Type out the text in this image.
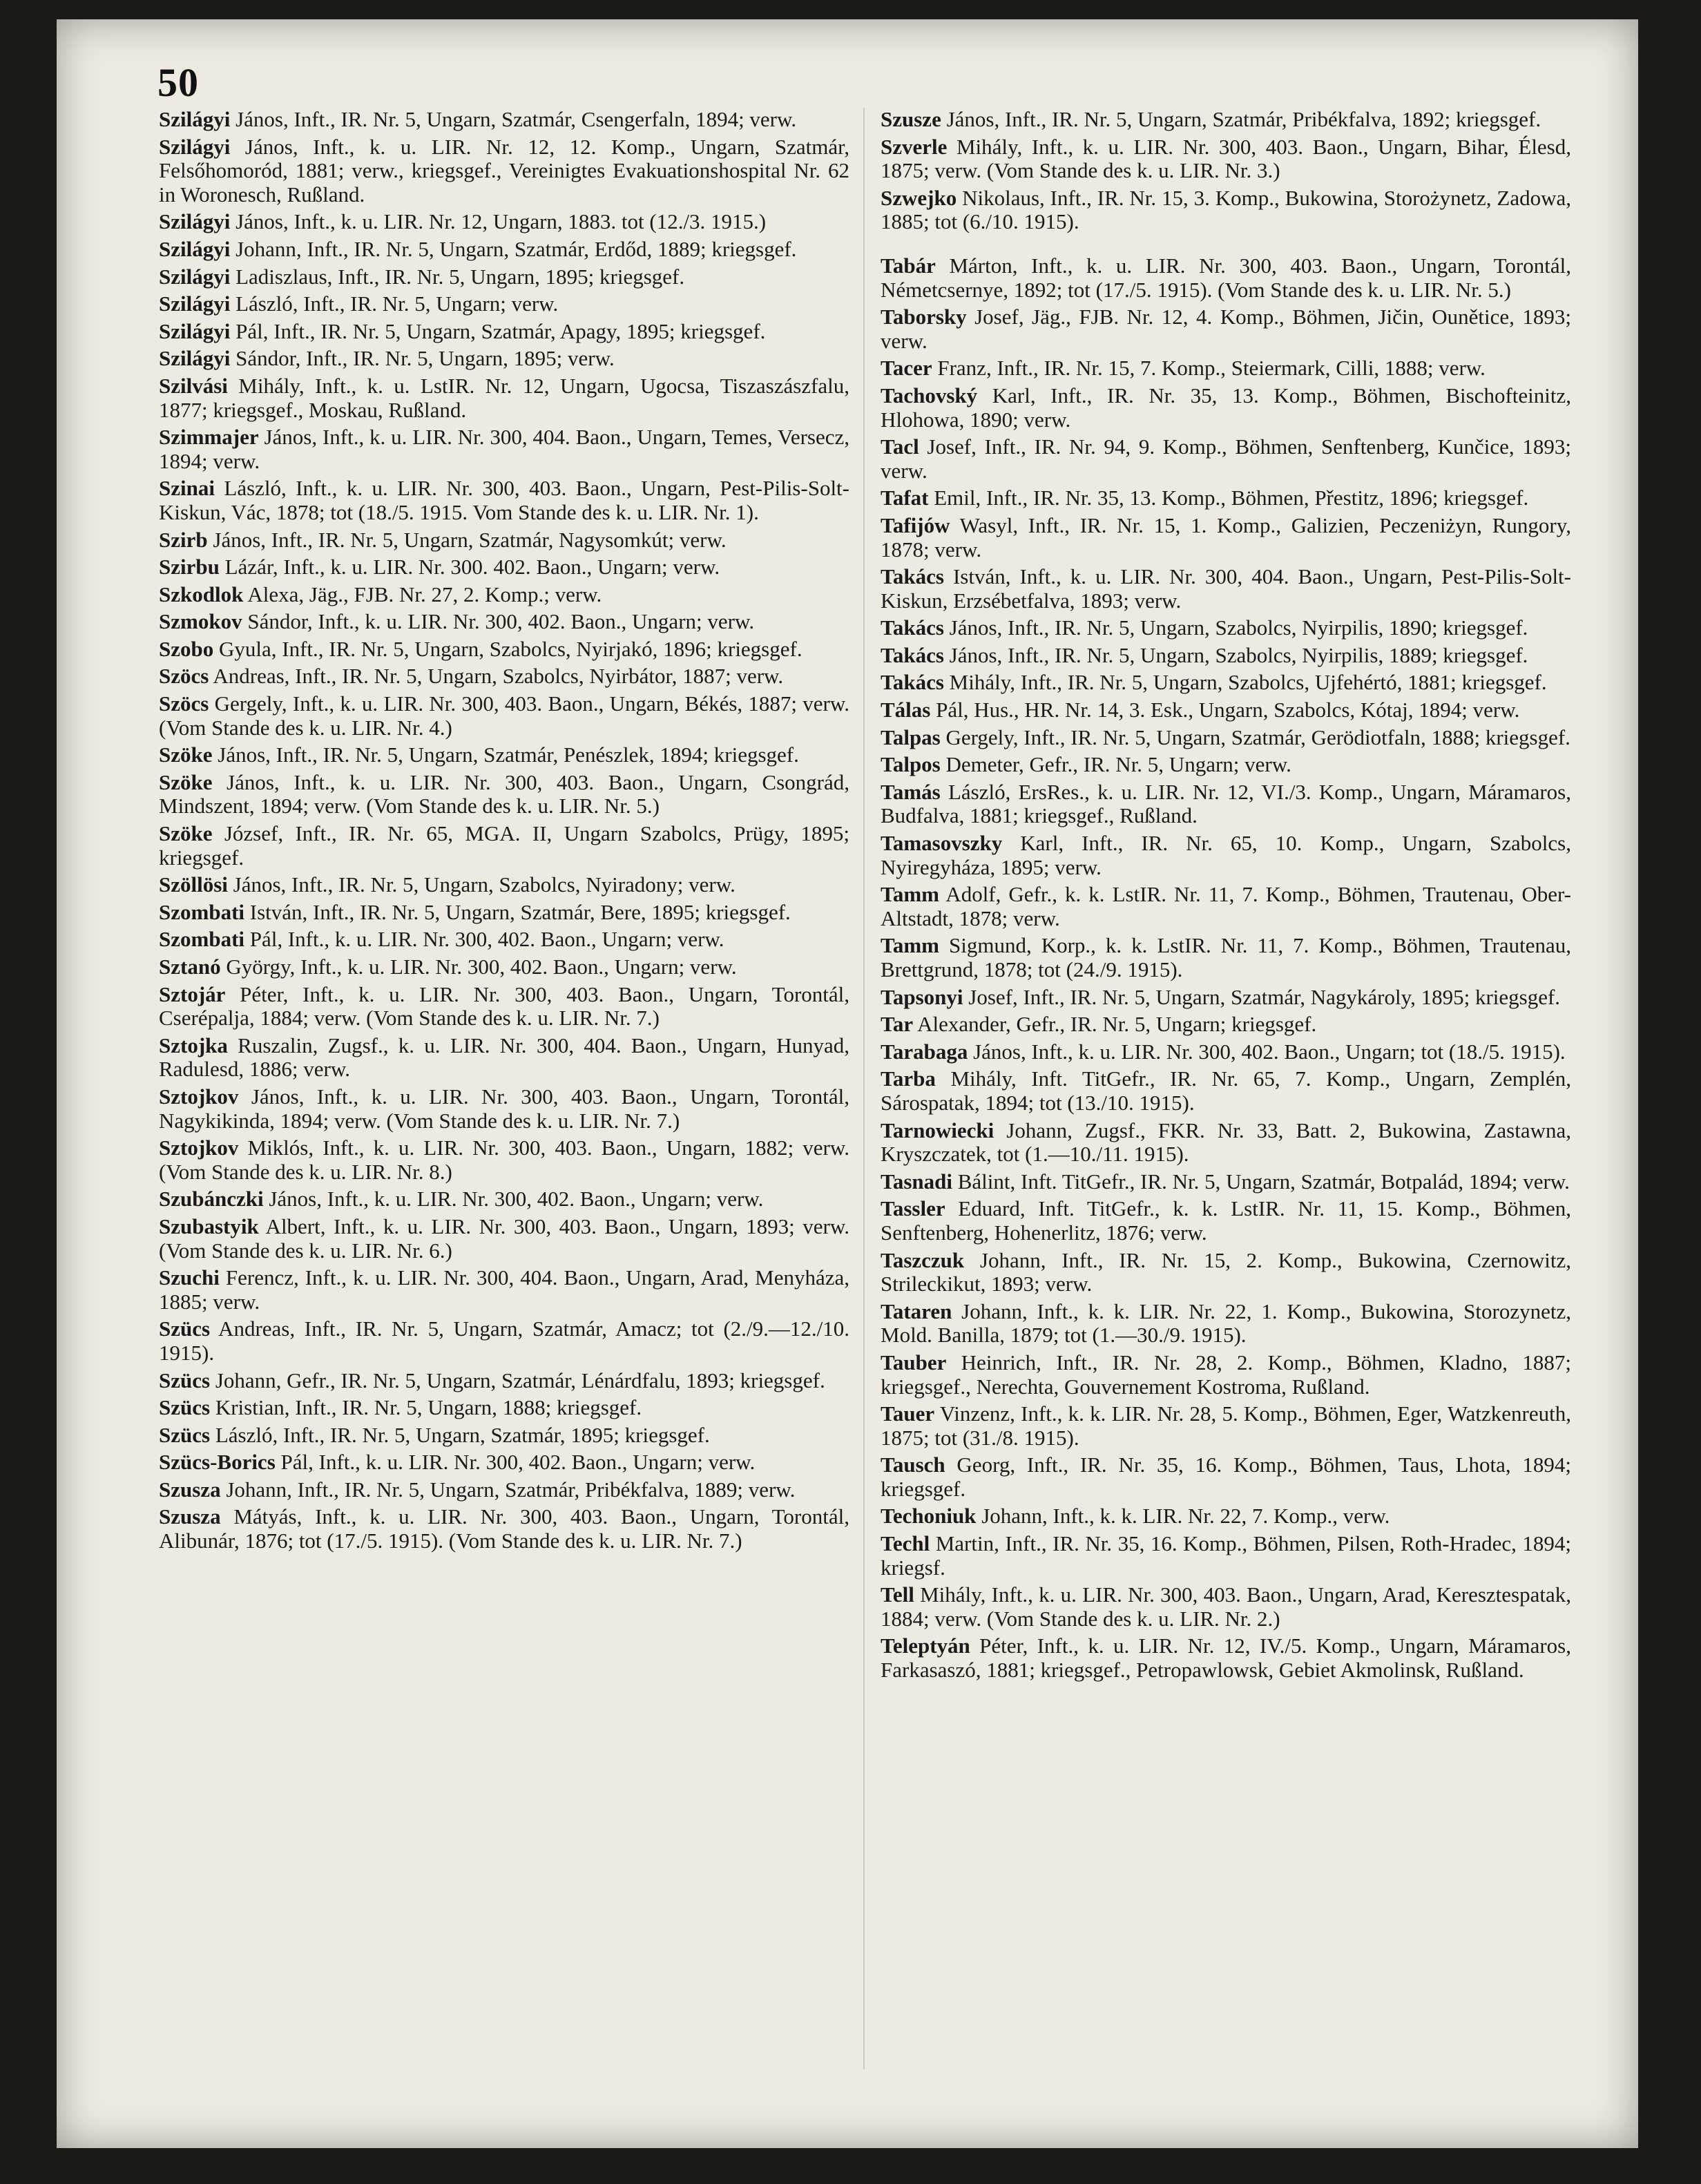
50
Szilágyi János, Inft., IR. Nr. 5, Ungarn, Szatmár, Csengerfaln, 1894; verw.
Szilágyi János, Inft., k. u. LIR. Nr. 12, 12. Komp., Ungarn, Szatmár, Felsőhomoród, 1881; verw., kriegsgef., Vereinigtes Evakuationshospital Nr. 62 in Woronesch, Rußland.
Szilágyi János, Inft., k. u. LIR. Nr. 12, Ungarn, 1883. tot (12./3. 1915.)
Szilágyi Johann, Inft., IR. Nr. 5, Ungarn, Szatmár, Erdőd, 1889; kriegsgef.
Szilágyi Ladiszlaus, Inft., IR. Nr. 5, Ungarn, 1895; kriegsgef.
Szilágyi László, Inft., IR. Nr. 5, Ungarn; verw.
Szilágyi Pál, Inft., IR. Nr. 5, Ungarn, Szatmár, Apagy, 1895; kriegsgef.
Szilágyi Sándor, Inft., IR. Nr. 5, Ungarn, 1895; verw.
Szilvási Mihály, Inft., k. u. LstIR. Nr. 12, Ungarn, Ugocsa, Tiszaszászfalu, 1877; kriegsgef., Moskau, Rußland.
Szimmajer János, Inft., k. u. LIR. Nr. 300, 404. Baon., Ungarn, Temes, Versecz, 1894; verw.
Szinai László, Inft., k. u. LIR. Nr. 300, 403. Baon., Ungarn, Pest-Pilis-Solt-Kiskun, Vác, 1878; tot (18./5. 1915. Vom Stande des k. u. LIR. Nr. 1).
Szirb János, Inft., IR. Nr. 5, Ungarn, Szatmár, Nagysomkút; verw.
Szirbu Lázár, Inft., k. u. LIR. Nr. 300. 402. Baon., Ungarn; verw.
Szkodlok Alexa, Jäg., FJB. Nr. 27, 2. Komp.; verw.
Szmokov Sándor, Inft., k. u. LIR. Nr. 300, 402. Baon., Ungarn; verw.
Szobo Gyula, Inft., IR. Nr. 5, Ungarn, Szabolcs, Nyirjakó, 1896; kriegsgef.
Szöcs Andreas, Inft., IR. Nr. 5, Ungarn, Szabolcs, Nyirbátor, 1887; verw.
Szöcs Gergely, Inft., k. u. LIR. Nr. 300, 403. Baon., Ungarn, Békés, 1887; verw. (Vom Stande des k. u. LIR. Nr. 4.)
Szöke János, Inft., IR. Nr. 5, Ungarn, Szatmár, Penészlek, 1894; kriegsgef.
Szöke János, Inft., k. u. LIR. Nr. 300, 403. Baon., Ungarn, Csongrád, Mindszent, 1894; verw. (Vom Stande des k. u. LIR. Nr. 5.)
Szöke József, Inft., IR. Nr. 65, MGA. II, Ungarn Szabolcs, Prügy, 1895; kriegsgef.
Szöllösi János, Inft., IR. Nr. 5, Ungarn, Szabolcs, Nyiradony; verw.
Szombati István, Inft., IR. Nr. 5, Ungarn, Szatmár, Bere, 1895; kriegsgef.
Szombati Pál, Inft., k. u. LIR. Nr. 300, 402. Baon., Ungarn; verw.
Sztanó György, Inft., k. u. LIR. Nr. 300, 402. Baon., Ungarn; verw.
Sztojár Péter, Inft., k. u. LIR. Nr. 300, 403. Baon., Ungarn, Torontál, Cserépalja, 1884; verw. (Vom Stande des k. u. LIR. Nr. 7.)
Sztojka Ruszalin, Zugsf., k. u. LIR. Nr. 300, 404. Baon., Ungarn, Hunyad, Radulesd, 1886; verw.
Sztojkov János, Inft., k. u. LIR. Nr. 300, 403. Baon., Ungarn, Torontál, Nagykikinda, 1894; verw. (Vom Stande des k. u. LIR. Nr. 7.)
Sztojkov Miklós, Inft., k. u. LIR. Nr. 300, 403. Baon., Ungarn, 1882; verw. (Vom Stande des k. u. LIR. Nr. 8.)
Szubánczki János, Inft., k. u. LIR. Nr. 300, 402. Baon., Ungarn; verw.
Szubastyik Albert, Inft., k. u. LIR. Nr. 300, 403. Baon., Ungarn, 1893; verw. (Vom Stande des k. u. LIR. Nr. 6.)
Szuchi Ferencz, Inft., k. u. LIR. Nr. 300, 404. Baon., Ungarn, Arad, Menyháza, 1885; verw.
Szücs Andreas, Inft., IR. Nr. 5, Ungarn, Szatmár, Amacz; tot (2./9.—12./10. 1915).
Szücs Johann, Gefr., IR. Nr. 5, Ungarn, Szatmár, Lénárdfalu, 1893; kriegsgef.
Szücs Kristian, Inft., IR. Nr. 5, Ungarn, 1888; kriegsgef.
Szücs László, Inft., IR. Nr. 5, Ungarn, Szatmár, 1895; kriegsgef.
Szücs-Borics Pál, Inft., k. u. LIR. Nr. 300, 402. Baon., Ungarn; verw.
Szusza Johann, Inft., IR. Nr. 5, Ungarn, Szatmár, Pribékfalva, 1889; verw.
Szusza Mátyás, Inft., k. u. LIR. Nr. 300, 403. Baon., Ungarn, Torontál, Alibunár, 1876; tot (17./5. 1915). (Vom Stande des k. u. LIR. Nr. 7.)
Szusze János, Inft., IR. Nr. 5, Ungarn, Szatmár, Pribékfalva, 1892; kriegsgef.
Szverle Mihály, Inft., k. u. LIR. Nr. 300, 403. Baon., Ungarn, Bihar, Élesd, 1875; verw. (Vom Stande des k. u. LIR. Nr. 3.)
Szwejko Nikolaus, Inft., IR. Nr. 15, 3. Komp., Bukowina, Storożynetz, Zadowa, 1885; tot (6./10. 1915).
Tabár Márton, Inft., k. u. LIR. Nr. 300, 403. Baon., Ungarn, Torontál, Németcsernye, 1892; tot (17./5. 1915). (Vom Stande des k. u. LIR. Nr. 5.)
Taborsky Josef, Jäg., FJB. Nr. 12, 4. Komp., Böhmen, Jičin, Ounětice, 1893; verw.
Tacer Franz, Inft., IR. Nr. 15, 7. Komp., Steiermark, Cilli, 1888; verw.
Tachovský Karl, Inft., IR. Nr. 35, 13. Komp., Böhmen, Bischofteinitz, Hlohowa, 1890; verw.
Tacl Josef, Inft., IR. Nr. 94, 9. Komp., Böhmen, Senftenberg, Kunčice, 1893; verw.
Tafat Emil, Inft., IR. Nr. 35, 13. Komp., Böhmen, Přestitz, 1896; kriegsgef.
Tafijów Wasyl, Inft., IR. Nr. 15, 1. Komp., Galizien, Peczeniżyn, Rungory, 1878; verw.
Takács István, Inft., k. u. LIR. Nr. 300, 404. Baon., Ungarn, Pest-Pilis-Solt-Kiskun, Erzsébetfalva, 1893; verw.
Takács János, Inft., IR. Nr. 5, Ungarn, Szabolcs, Nyirpilis, 1890; kriegsgef.
Takács János, Inft., IR. Nr. 5, Ungarn, Szabolcs, Nyirpilis, 1889; kriegsgef.
Takács Mihály, Inft., IR. Nr. 5, Ungarn, Szabolcs, Ujfehértó, 1881; kriegsgef.
Tálas Pál, Hus., HR. Nr. 14, 3. Esk., Ungarn, Szabolcs, Kótaj, 1894; verw.
Talpas Gergely, Inft., IR. Nr. 5, Ungarn, Szatmár, Gerödiotfaln, 1888; kriegsgef.
Talpos Demeter, Gefr., IR. Nr. 5, Ungarn; verw.
Tamás László, ErsRes., k. u. LIR. Nr. 12, VI./3. Komp., Ungarn, Máramaros, Budfalva, 1881; kriegsgef., Rußland.
Tamasovszky Karl, Inft., IR. Nr. 65, 10. Komp., Ungarn, Szabolcs, Nyiregyháza, 1895; verw.
Tamm Adolf, Gefr., k. k. LstIR. Nr. 11, 7. Komp., Böhmen, Trautenau, Ober-Altstadt, 1878; verw.
Tamm Sigmund, Korp., k. k. LstIR. Nr. 11, 7. Komp., Böhmen, Trautenau, Brettgrund, 1878; tot (24./9. 1915).
Tapsonyi Josef, Inft., IR. Nr. 5, Ungarn, Szatmár, Nagykároly, 1895; kriegsgef.
Tar Alexander, Gefr., IR. Nr. 5, Ungarn; kriegsgef.
Tarabaga János, Inft., k. u. LIR. Nr. 300, 402. Baon., Ungarn; tot (18./5. 1915).
Tarba Mihály, Inft. TitGefr., IR. Nr. 65, 7. Komp., Ungarn, Zemplén, Sárospatak, 1894; tot (13./10. 1915).
Tarnowiecki Johann, Zugsf., FKR. Nr. 33, Batt. 2, Bukowina, Zastawna, Kryszczatek, tot (1.—10./11. 1915).
Tasnadi Bálint, Inft. TitGefr., IR. Nr. 5, Ungarn, Szatmár, Botpalád, 1894; verw.
Tassler Eduard, Inft. TitGefr., k. k. LstIR. Nr. 11, 15. Komp., Böhmen, Senftenberg, Hohenerlitz, 1876; verw.
Taszczuk Johann, Inft., IR. Nr. 15, 2. Komp., Bukowina, Czernowitz, Strileckikut, 1893; verw.
Tataren Johann, Inft., k. k. LIR. Nr. 22, 1. Komp., Bukowina, Storozynetz, Mold. Banilla, 1879; tot (1.—30./9. 1915).
Tauber Heinrich, Inft., IR. Nr. 28, 2. Komp., Böhmen, Kladno, 1887; kriegsgef., Nerechta, Gouvernement Kostroma, Rußland.
Tauer Vinzenz, Inft., k. k. LIR. Nr. 28, 5. Komp., Böhmen, Eger, Watzkenreuth, 1875; tot (31./8. 1915).
Tausch Georg, Inft., IR. Nr. 35, 16. Komp., Böhmen, Taus, Lhota, 1894; kriegsgef.
Techoniuk Johann, Inft., k. k. LIR. Nr. 22, 7. Komp., verw.
Techl Martin, Inft., IR. Nr. 35, 16. Komp., Böhmen, Pilsen, Roth-Hradec, 1894; kriegsf.
Tell Mihály, Inft., k. u. LIR. Nr. 300, 403. Baon., Ungarn, Arad, Keresztespatak, 1884; verw. (Vom Stande des k. u. LIR. Nr. 2.)
Teleptyán Péter, Inft., k. u. LIR. Nr. 12, IV./5. Komp., Ungarn, Máramaros, Farkasaszó, 1881; kriegsgef., Petropawlowsk, Gebiet Akmolinsk, Rußland.
